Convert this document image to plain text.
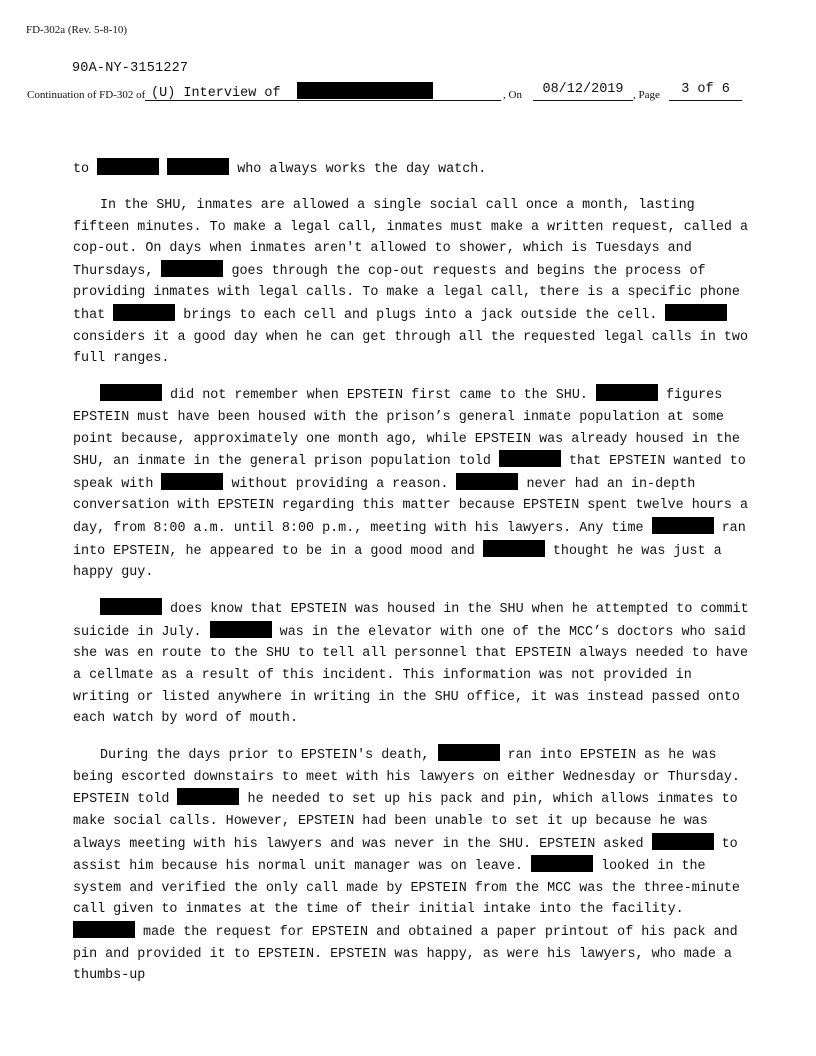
FD-302a (Rev. 5-8-10)
90A-NY-3151227
Continuation of FD-302 of (U) Interview of	, On	08/12/2019 , Page	3 of 6

to	who always works the day watch.

In the SHU, inmates are allowed a single social call once a month, lasting fifteen minutes. To make a legal call, inmates must make a written request, called a cop-out. On days when inmates aren't allowed to shower, which is Tuesdays and Thursdays,	goes through the cop-out requests and begins the process of providing inmates with legal calls. To make a legal call, there is a specific phone that	brings to each cell and plugs into a jack outside the cell.  considers it a good day when he can get through all the requested legal calls in two full ranges.

did not remember when EPSTEIN first came to the SHU.	figures EPSTEIN must have been housed with the prison’s general inmate population at some point because, approximately one month ago, while EPSTEIN was already housed in the SHU, an inmate in the general prison population told	that EPSTEIN wanted to speak with	without providing a reason.	never had an in-depth conversation with EPSTEIN regarding this matter because EPSTEIN spent twelve hours a day, from 8:00 a.m. until 8:00 p.m., meeting with his lawyers. Any time	ran into EPSTEIN, he appeared to be in a good mood and	thought he was just a happy guy.

does know that EPSTEIN was housed in the SHU when he attempted to commit suicide in July.	was in the elevator with one of the MCC’s doctors who said she was en route to the SHU to tell all personnel that EPSTEIN always needed to have a cellmate as a result of this incident. This information was not provided in writing or listed anywhere in writing in the SHU office, it was instead passed onto each watch by word of mouth.

During the days prior to EPSTEIN's death,	ran into EPSTEIN as he was being escorted downstairs to meet with his lawyers on either Wednesday or Thursday. EPSTEIN told	he needed to set up his pack and pin, which allows inmates to make social calls. However, EPSTEIN had been unable to set it up because he was always meeting with his lawyers and was never in the SHU. EPSTEIN asked	to assist him because his normal unit manager was on leave.	looked in the system and verified the only call made by EPSTEIN from the MCC was the three-minute call given to inmates at the time of their initial intake into the facility.  made the request for EPSTEIN and obtained a paper printout of his pack and pin and provided it to EPSTEIN. EPSTEIN was happy, as were his lawyers, who made a thumbs-up
